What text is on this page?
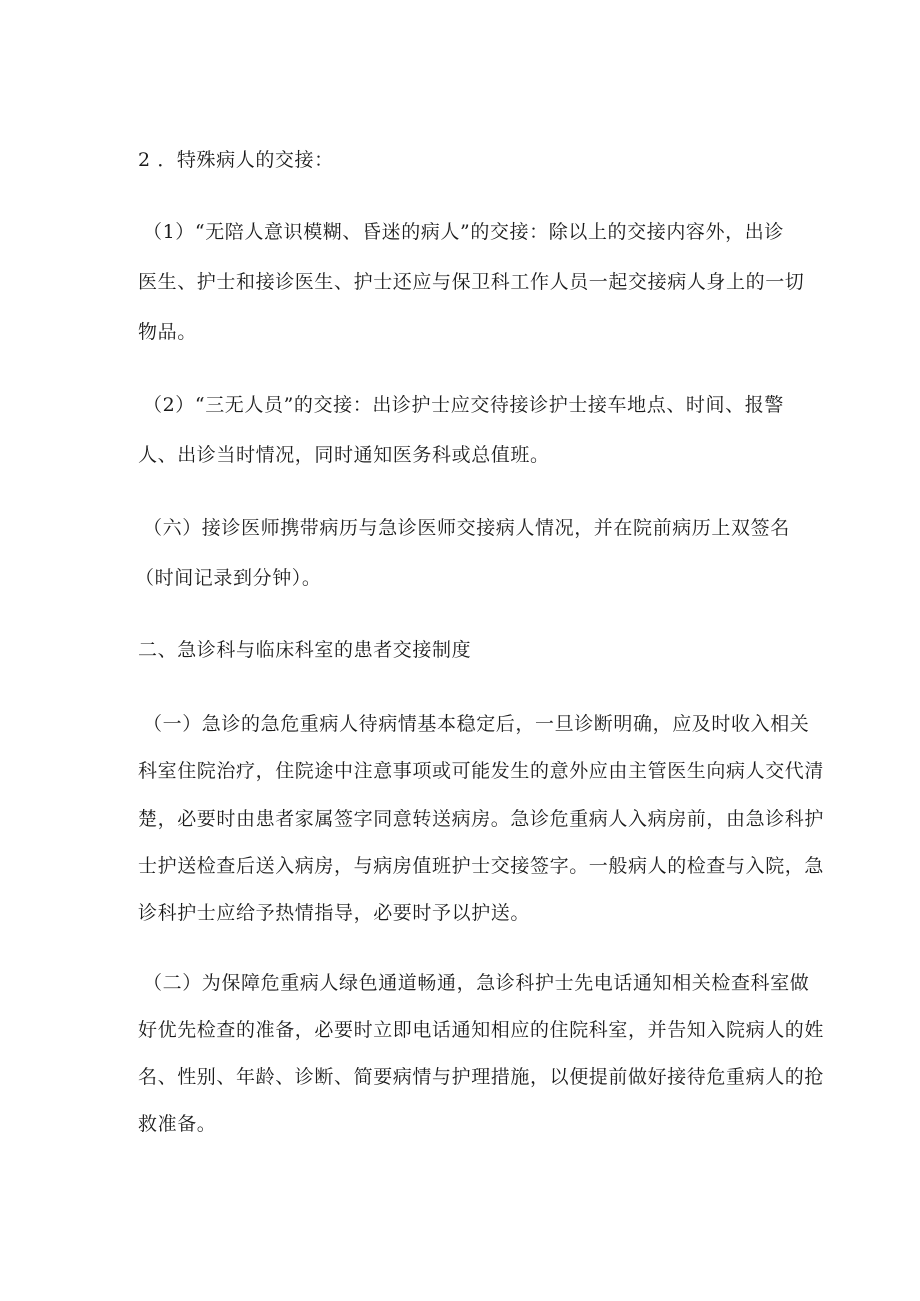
2 ．特殊病人的交接：
（1）“无陪人意识模糊、昏迷的病人”的交接：除以上的交接内容外，出诊
医生、护士和接诊医生、护士还应与保卫科工作人员一起交接病人身上的一切
物品。
（2）“三无人员”的交接：出诊护士应交待接诊护士接车地点、时间、报警
人、出诊当时情况，同时通知医务科或总值班。
（六）接诊医师携带病历与急诊医师交接病人情况，并在院前病历上双签名
（时间记录到分钟）。
二、急诊科与临床科室的患者交接制度
（一）急诊的急危重病人待病情基本稳定后，一旦诊断明确，应及时收入相关
科室住院治疗，住院途中注意事项或可能发生的意外应由主管医生向病人交代清
楚，必要时由患者家属签字同意转送病房。急诊危重病人入病房前，由急诊科护
士护送检查后送入病房，与病房值班护士交接签字。一般病人的检查与入院，急
诊科护士应给予热情指导，必要时予以护送。
（二）为保障危重病人绿色通道畅通，急诊科护士先电话通知相关检查科室做
好优先检查的准备，必要时立即电话通知相应的住院科室，并告知入院病人的姓
名、性别、年龄、诊断、简要病情与护理措施，以便提前做好接待危重病人的抢
救准备。
